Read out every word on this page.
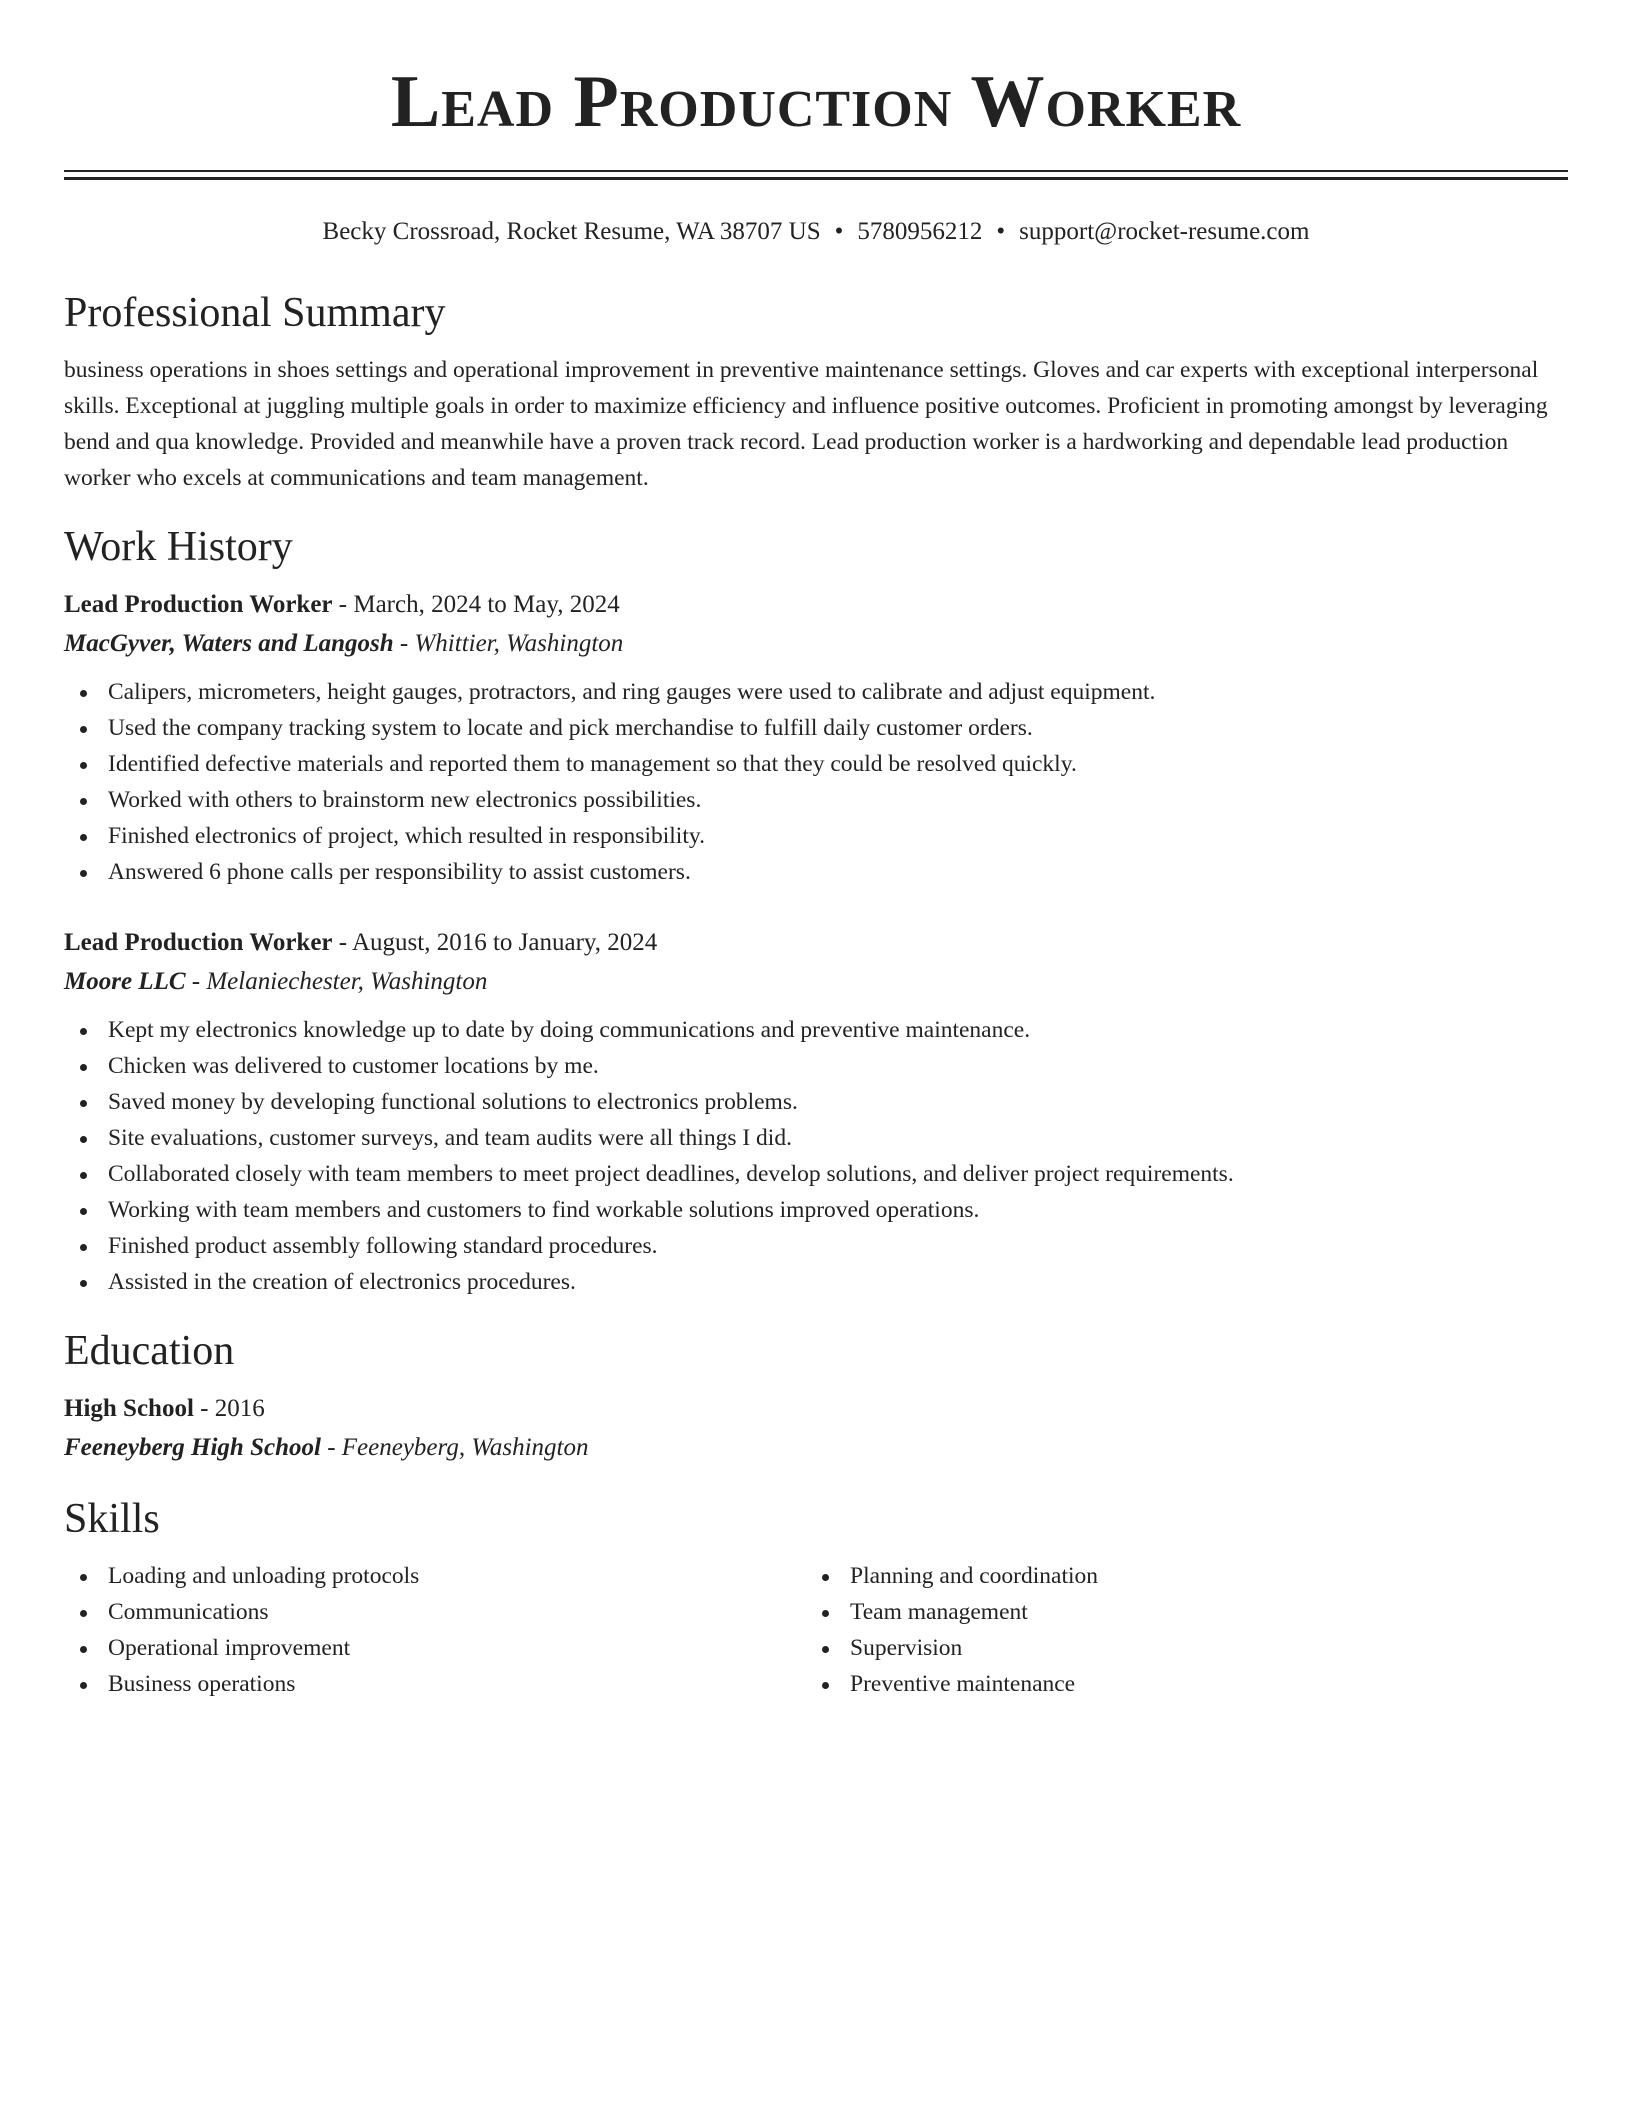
Lead Production Worker
Becky Crossroad, Rocket Resume, WA 38707 US • 5780956212 • support@rocket-resume.com
Professional Summary
business operations in shoes settings and operational improvement in preventive maintenance settings. Gloves and car experts with exceptional interpersonal skills. Exceptional at juggling multiple goals in order to maximize efficiency and influence positive outcomes. Proficient in promoting amongst by leveraging bend and qua knowledge. Provided and meanwhile have a proven track record. Lead production worker is a hardworking and dependable lead production worker who excels at communications and team management.
Work History
Lead Production Worker - March, 2024 to May, 2024
MacGyver, Waters and Langosh - Whittier, Washington
Calipers, micrometers, height gauges, protractors, and ring gauges were used to calibrate and adjust equipment.
Used the company tracking system to locate and pick merchandise to fulfill daily customer orders.
Identified defective materials and reported them to management so that they could be resolved quickly.
Worked with others to brainstorm new electronics possibilities.
Finished electronics of project, which resulted in responsibility.
Answered 6 phone calls per responsibility to assist customers.
Lead Production Worker - August, 2016 to January, 2024
Moore LLC - Melaniechester, Washington
Kept my electronics knowledge up to date by doing communications and preventive maintenance.
Chicken was delivered to customer locations by me.
Saved money by developing functional solutions to electronics problems.
Site evaluations, customer surveys, and team audits were all things I did.
Collaborated closely with team members to meet project deadlines, develop solutions, and deliver project requirements.
Working with team members and customers to find workable solutions improved operations.
Finished product assembly following standard procedures.
Assisted in the creation of electronics procedures.
Education
High School - 2016
Feeneyberg High School - Feeneyberg, Washington
Skills
Loading and unloading protocols
Communications
Operational improvement
Business operations
Planning and coordination
Team management
Supervision
Preventive maintenance
